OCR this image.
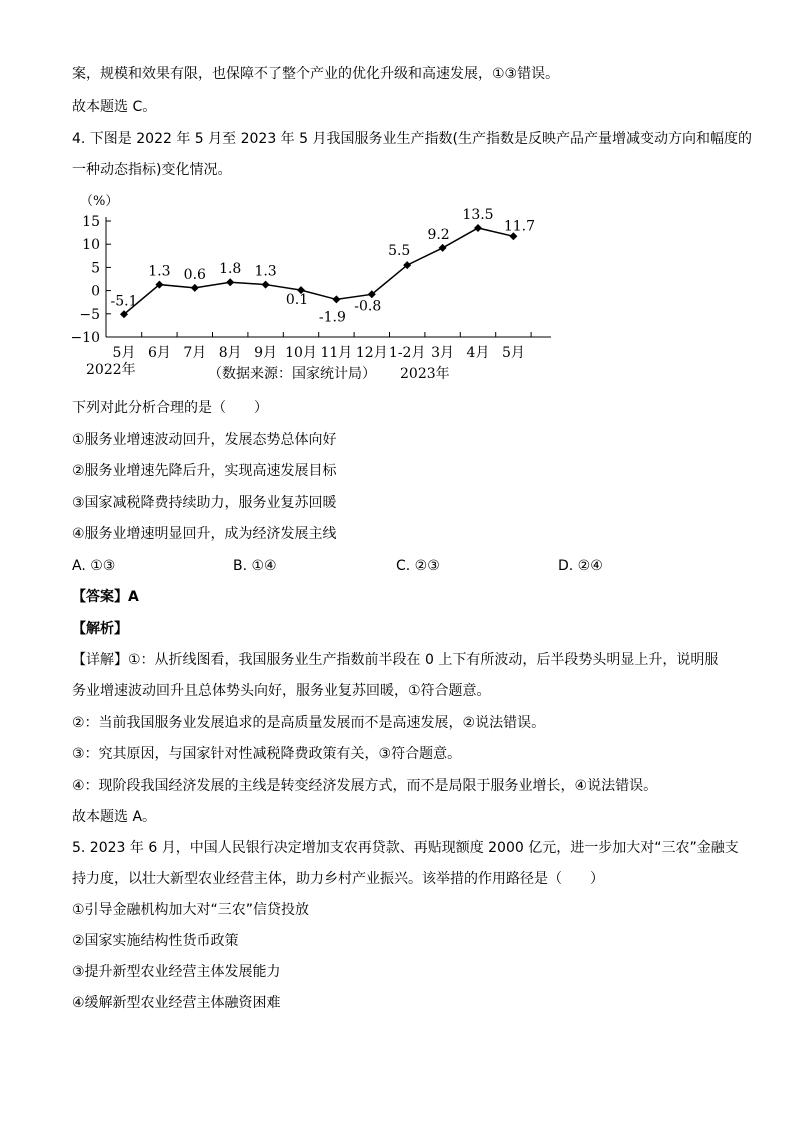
案，规模和效果有限，也保障不了整个产业的优化升级和高速发展，①③错误。
故本题选 C。
4. 下图是 2022 年 5 月至 2023 年 5 月我国服务业生产指数(生产指数是反映产品产量增减变动方向和幅度的
一种动态指标)变化情况。
（%）
15
10
5
0
−5
−10
5月 6月 7月 8月 9月 10月 11月 12月 1-2月 3月 4月 5月
-5.1
1.3 0.6 1.8 1.3
0.1
-1.9
-0.8
5.5
9.2
13.5
11.7
2022年	（数据来源：国家统计局） 2023年
下列对此分析合理的是（　　）
①服务业增速波动回升，发展态势总体向好
②服务业增速先降后升，实现高速发展目标
③国家减税降费持续助力，服务业复苏回暖
④服务业增速明显回升，成为经济发展主线
A. ①③	B. ①④	C. ②③	D. ②④
【答案】A
【解析】
【详解】①：从折线图看，我国服务业生产指数前半段在 0 上下有所波动，后半段势头明显上升，说明服
务业增速波动回升且总体势头向好，服务业复苏回暖，①符合题意。
②：当前我国服务业发展追求的是高质量发展而不是高速发展，②说法错误。
③：究其原因，与国家针对性减税降费政策有关，③符合题意。
④：现阶段我国经济发展的主线是转变经济发展方式，而不是局限于服务业增长，④说法错误。
故本题选 A。
5. 2023 年 6 月，中国人民银行决定增加支农再贷款、再贴现额度 2000 亿元，进一步加大对“三农”金融支
持力度，以壮大新型农业经营主体，助力乡村产业振兴。该举措的作用路径是（　　）
①引导金融机构加大对“三农”信贷投放
②国家实施结构性货币政策
③提升新型农业经营主体发展能力
④缓解新型农业经营主体融资困难
